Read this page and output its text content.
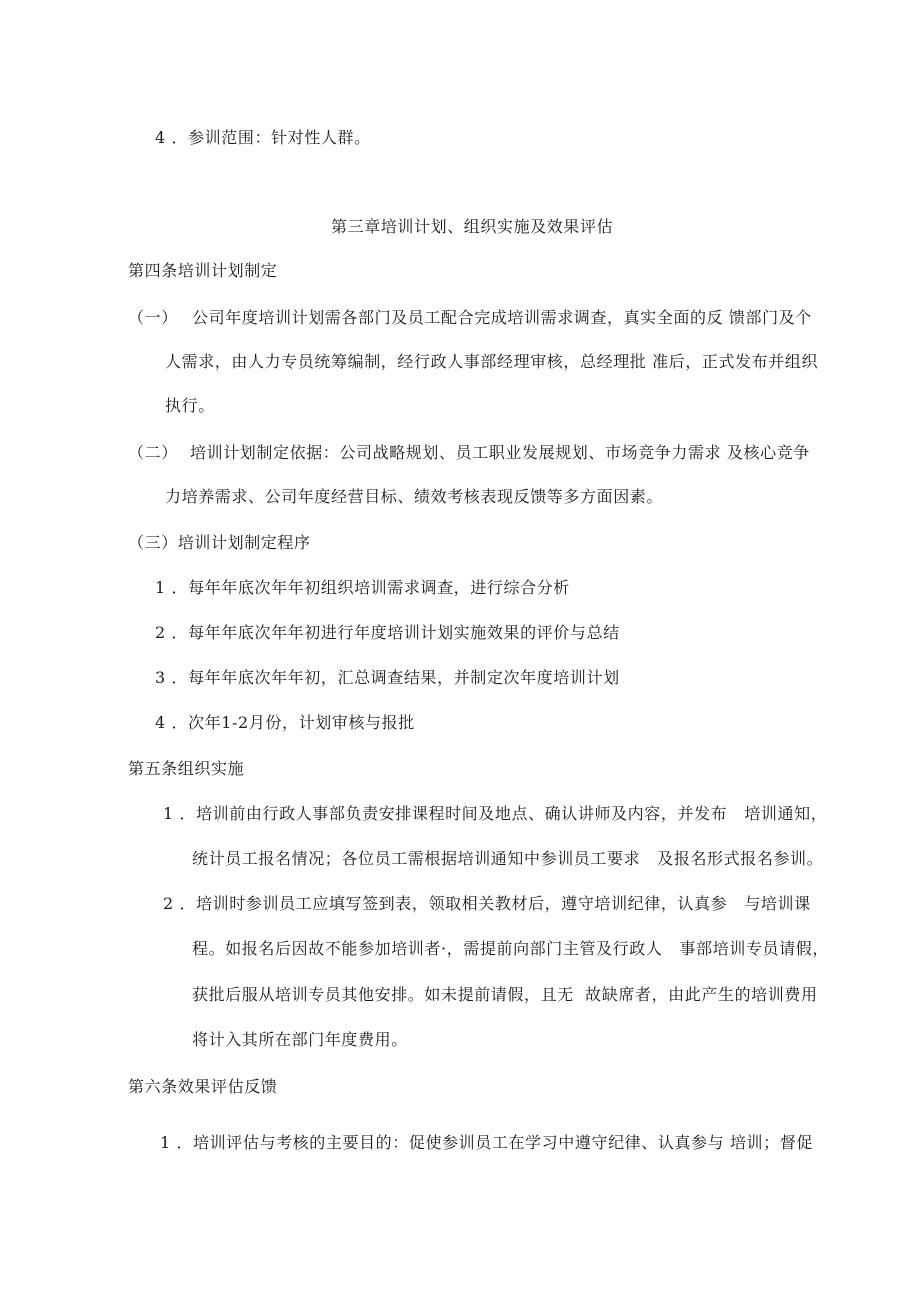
4 ．参训范围：针对性人群。
第三章培训计划、组织实施及效果评估
第四条培训计划制定
（一） 公司年度培训计划需各部门及员工配合完成培训需求调查，真实全面的反 馈部门及个
人需求，由人力专员统筹编制，经行政人事部经理审核，总经理批 准后，正式发布并组织
执行。
（二） 培训计划制定依据：公司战略规划、员工职业发展规划、市场竞争力需求 及核心竞争
力培养需求、公司年度经营目标、绩效考核表现反馈等多方面因素。
（三）培训计划制定程序
1 ．每年年底次年年初组织培训需求调查，进行综合分析
2 ．每年年底次年年初进行年度培训计划实施效果的评价与总结
3 ．每年年底次年年初，汇总调查结果，并制定次年度培训计划
4 ．次年1-2月份，计划审核与报批
第五条组织实施
1 ．培训前由行政人事部负责安排课程时间及地点、确认讲师及内容，并发布   培训通知，
统计员工报名情况；各位员工需根据培训通知中参训员工要求   及报名形式报名参训。
2 ．培训时参训员工应填写签到表，领取相关教材后，遵守培训纪律，认真参   与培训课
程。如报名后因故不能参加培训者·，需提前向部门主管及行政人   事部培训专员请假，
获批后服从培训专员其他安排。如未提前请假，且无  故缺席者，由此产生的培训费用
将计入其所在部门年度费用。
第六条效果评估反馈
1 ．培训评估与考核的主要目的：促使参训员工在学习中遵守纪律、认真参与 培训；督促
